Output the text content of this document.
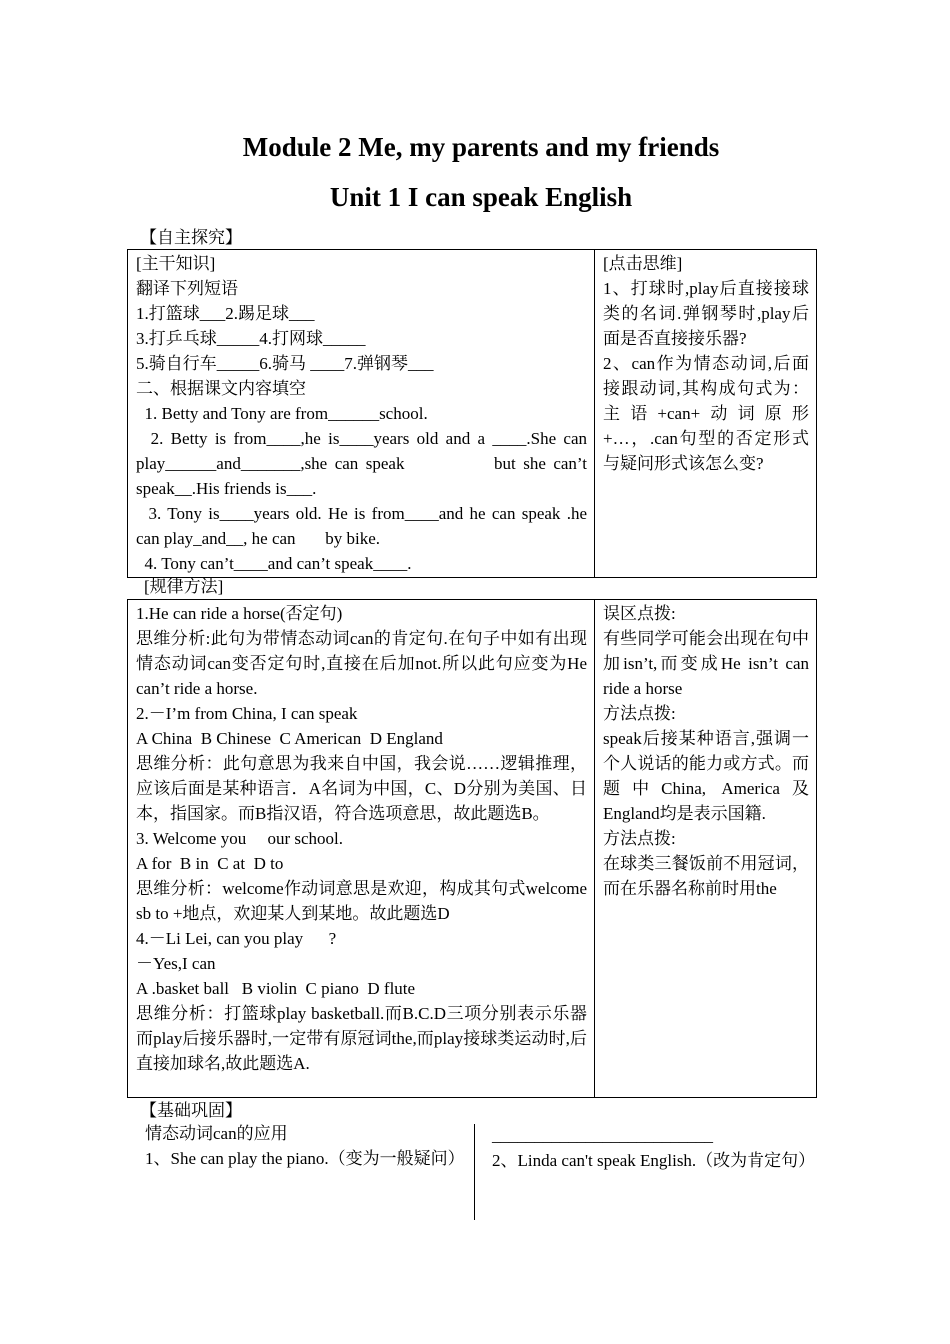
Module 2 Me, my parents and my friends
Unit 1 I can speak English
【自主探究】
[主干知识]
翻译下列短语
1.打篮球___2.踢足球___
3.打乒乓球_____4.打网球_____
5.骑自行车_____6.骑马 ____7.弹钢琴___
二、根据课文内容填空
1. Betty and Tony are from______school.
2. Betty is from____,he is____years old and a ____.She can play______and_______,she can speak            but she can’t speak__.His friends is___.
3. Tony is____years old. He is from____and he can speak .he can play_and__, he can       by bike.
4. Tony can’t____and can’t speak____.

[点击思维]
1、打球时,play后直接接球类的名词.弹钢琴时,play后面是否直接接乐器?
2、can作为情态动词,后面接跟动词,其构成句式为：主语+can+动词原形+…，.can句型的否定形式与疑问形式该怎么变?
[规律方法]
1.He can ride a horse(否定句)
思维分析:此句为带情态动词can的肯定句.在句子中如有出现情态动词can变否定句时,直接在后加not.所以此句应变为He can’t ride a horse.
2.－I’m from China, I can speak
A China  B Chinese  C American  D England
思维分析：此句意思为我来自中国，我会说……逻辑推理，应该后面是某种语言．A名词为中国，C、D分别为美国、日本，指国家。而B指汉语，符合选项意思，故此题选B。
3. Welcome you     our school.
A for  B in  C at  D to
思维分析：welcome作动词意思是欢迎，构成其句式welcome sb to +地点，欢迎某人到某地。故此题选D
4.－Li Lei, can you play      ?
－Yes,I can
A .basket ball   B violin  C piano  D flute
思维分析：打篮球play basketball.而B.C.D三项分别表示乐器而play后接乐器时,一定带有原冠词the,而play接球类运动时,后直接加球名,故此题选A.

误区点拨:
有些同学可能会出现在句中加isn’t,而变成He isn’t can ride a horse
方法点拨:
speak后接某种语言,强调一个人说话的能力或方式。而题中China, America及England均是表示国籍.
方法点拨:
在球类三餐饭前不用冠词，而在乐器名称前时用the
【基础巩固】
情态动词can的应用
1、She can play the piano.（变为一般疑问）
__________________________
2、Linda can't speak English.（改为肯定句）
